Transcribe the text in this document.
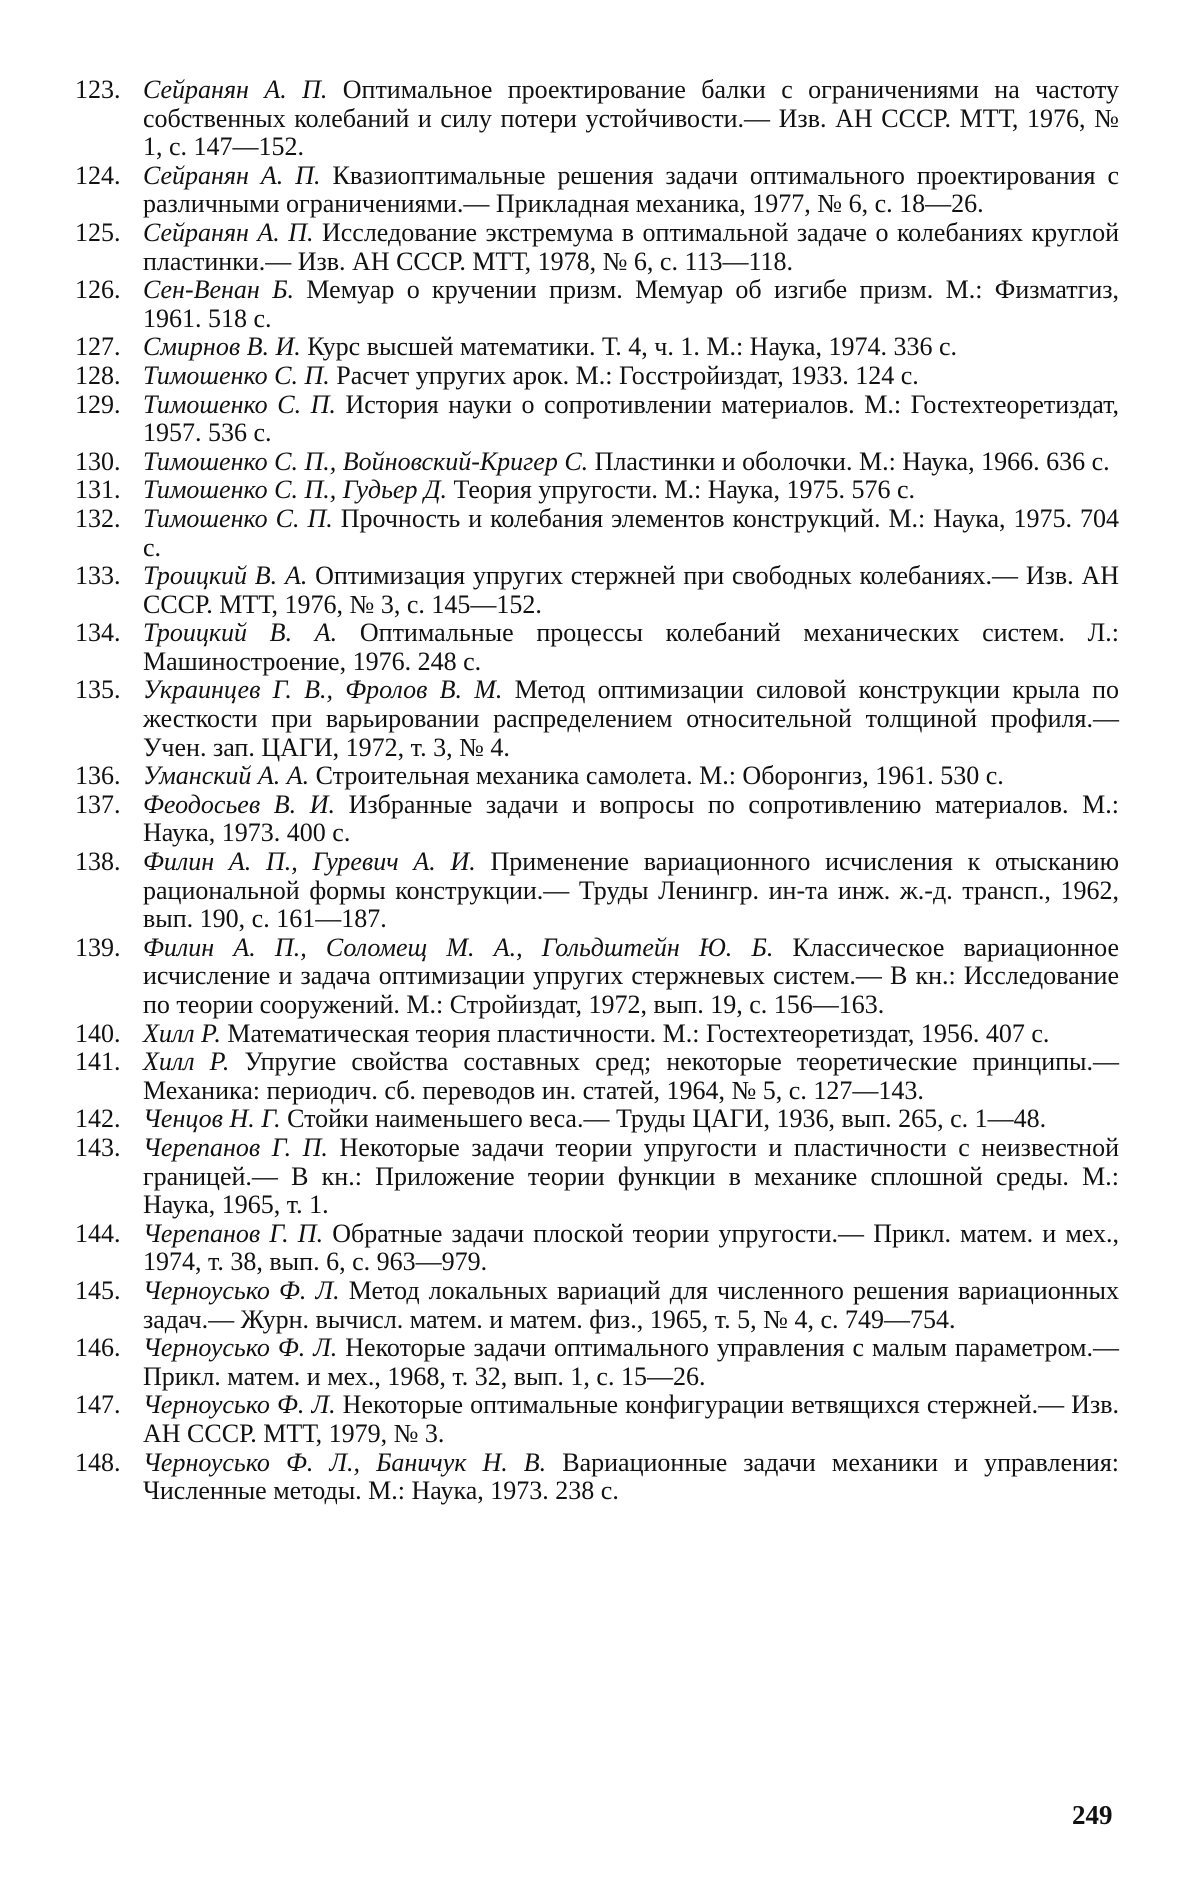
123. Сейранян А. П. Оптимальное проектирование балки с ограничениями на частоту собственных колебаний и силу потери устойчивости.— Изв. АН СССР. МТТ, 1976, № 1, с. 147—152.
124. Сейранян А. П. Квазиоптимальные решения задачи оптимального проектирования с различными ограничениями.— Прикладная механика, 1977, № 6, с. 18—26.
125. Сейранян А. П. Исследование экстремума в оптимальной задаче о колебаниях круглой пластинки.— Изв. АН СССР. МТТ, 1978, № 6, с. 113—118.
126. Сен-Венан Б. Мемуар о кручении призм. Мемуар об изгибе призм. М.: Физматгиз, 1961. 518 с.
127. Смирнов В. И. Курс высшей математики. Т. 4, ч. 1. М.: Наука, 1974. 336 с.
128. Тимошенко С. П. Расчет упругих арок. М.: Госстройиздат, 1933. 124 с.
129. Тимошенко С. П. История науки о сопротивлении материалов. М.: Гостехтеоретиздат, 1957. 536 с.
130. Тимошенко С. П., Войновский-Кригер С. Пластинки и оболочки. М.: Наука, 1966. 636 с.
131. Тимошенко С. П., Гудьер Д. Теория упругости. М.: Наука, 1975. 576 с.
132. Тимошенко С. П. Прочность и колебания элементов конструкций. М.: Наука, 1975. 704 с.
133. Троицкий В. А. Оптимизация упругих стержней при свободных колебаниях.— Изв. АН СССР. МТТ, 1976, № 3, с. 145—152.
134. Троицкий В. А. Оптимальные процессы колебаний механических систем. Л.: Машиностроение, 1976. 248 с.
135. Украинцев Г. В., Фролов В. М. Метод оптимизации силовой конструкции крыла по жесткости при варьировании распределением относительной толщиной профиля.— Учен. зап. ЦАГИ, 1972, т. 3, № 4.
136. Уманский А. А. Строительная механика самолета. М.: Оборонгиз, 1961. 530 с.
137. Феодосьев В. И. Избранные задачи и вопросы по сопротивлению материалов. М.: Наука, 1973. 400 с.
138. Филин А. П., Гуревич А. И. Применение вариационного исчисления к отысканию рациональной формы конструкции.— Труды Ленингр. ин-та инж. ж.-д. трансп., 1962, вып. 190, с. 161—187.
139. Филин А. П., Соломещ М. А., Гольдштейн Ю. Б. Классическое вариационное исчисление и задача оптимизации упругих стержневых систем.— В кн.: Исследование по теории сооружений. М.: Стройиздат, 1972, вып. 19, с. 156—163.
140. Хилл Р. Математическая теория пластичности. М.: Гостехтеоретиздат, 1956. 407 с.
141. Хилл Р. Упругие свойства составных сред; некоторые теоретические принципы.— Механика: периодич. сб. переводов ин. статей, 1964, № 5, с. 127—143.
142. Ченцов Н. Г. Стойки наименьшего веса.— Труды ЦАГИ, 1936, вып. 265, с. 1—48.
143. Черепанов Г. П. Некоторые задачи теории упругости и пластичности с неизвестной границей.— В кн.: Приложение теории функции в механике сплошной среды. М.: Наука, 1965, т. 1.
144. Черепанов Г. П. Обратные задачи плоской теории упругости.— Прикл. матем. и мех., 1974, т. 38, вып. 6, с. 963—979.
145. Черноусько Ф. Л. Метод локальных вариаций для численного решения вариационных задач.— Журн. вычисл. матем. и матем. физ., 1965, т. 5, № 4, с. 749—754.
146. Черноусько Ф. Л. Некоторые задачи оптимального управления с малым параметром.— Прикл. матем. и мех., 1968, т. 32, вып. 1, с. 15—26.
147. Черноусько Ф. Л. Некоторые оптимальные конфигурации ветвящихся стержней.— Изв. АН СССР. МТТ, 1979, № 3.
148. Черноусько Ф. Л., Баничук Н. В. Вариационные задачи механики и управления: Численные методы. М.: Наука, 1973. 238 с.
249
